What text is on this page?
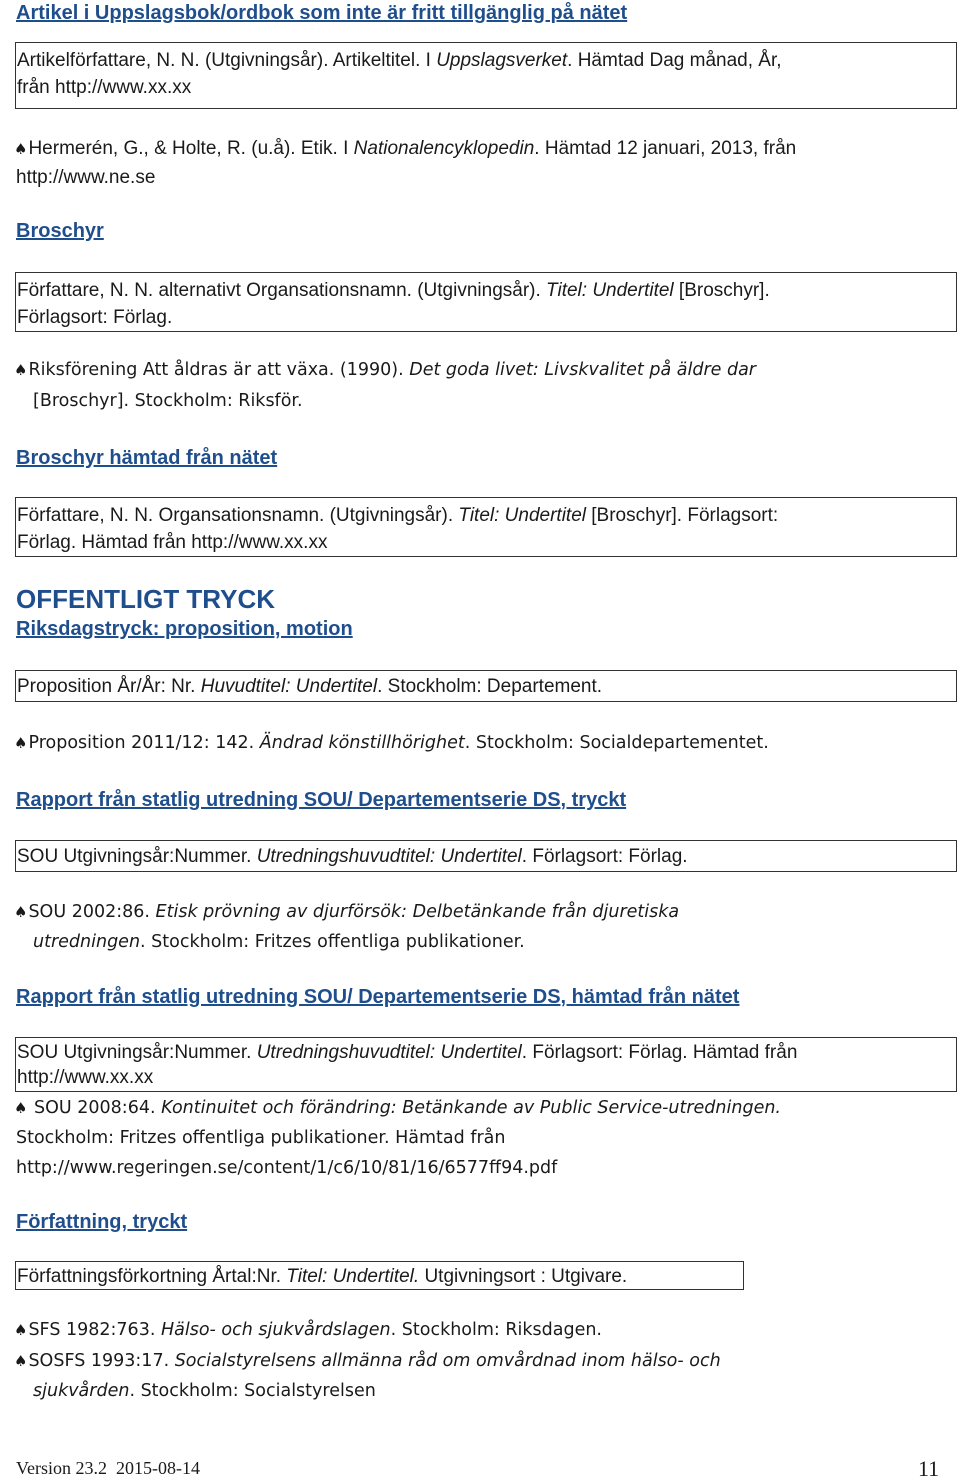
Artikel i Uppslagsbok/ordbok som inte är fritt tillgänglig på nätet
Artikelförfattare, N. N. (Utgivningsår). Artikeltitel. I Uppslagsverket. Hämtad Dag månad, År,
från http://www.xx.xx
♠Hermerén, G., & Holte, R. (u.å). Etik. I Nationalencyklopedin. Hämtad 12 januari, 2013, från
http://www.ne.se
Broschyr
Författare, N. N. alternativt Organsationsnamn. (Utgivningsår). Titel: Undertitel [Broschyr].
Förlagsort: Förlag.
♠Riksförening Att åldras är att växa. (1990). Det goda livet: Livskvalitet på äldre dar
[Broschyr]. Stockholm: Riksför.
Broschyr hämtad från nätet
Författare, N. N. Organsationsnamn. (Utgivningsår). Titel: Undertitel [Broschyr]. Förlagsort:
Förlag. Hämtad från http://www.xx.xx
OFFENTLIGT TRYCK
Riksdagstryck: proposition, motion
Proposition År/År: Nr. Huvudtitel: Undertitel. Stockholm: Departement.
♠Proposition 2011/12: 142. Ändrad könstillhörighet. Stockholm: Socialdepartementet.
Rapport från statlig utredning SOU/ Departementserie DS, tryckt
SOU Utgivningsår:Nummer. Utredningshuvudtitel: Undertitel. Förlagsort: Förlag.
♠SOU 2002:86. Etisk prövning av djurförsök: Delbetänkande från djuretiska
utredningen. Stockholm: Fritzes offentliga publikationer.
Rapport från statlig utredning SOU/ Departementserie DS, hämtad från nätet
SOU Utgivningsår:Nummer. Utredningshuvudtitel: Undertitel. Förlagsort: Förlag. Hämtad från
http://www.xx.xx
♠ SOU 2008:64. Kontinuitet och förändring: Betänkande av Public Service-utredningen.
Stockholm: Fritzes offentliga publikationer. Hämtad från
http://www.regeringen.se/content/1/c6/10/81/16/6577ff94.pdf
Författning, tryckt
Författningsförkortning Årtal:Nr. Titel: Undertitel. Utgivningsort : Utgivare.
♠SFS 1982:763. Hälso- och sjukvårdslagen. Stockholm: Riksdagen.
♠SOSFS 1993:17. Socialstyrelsens allmänna råd om omvårdnad inom hälso- och
sjukvården. Stockholm: Socialstyrelsen
Version 23.2  2015-08-14	11
